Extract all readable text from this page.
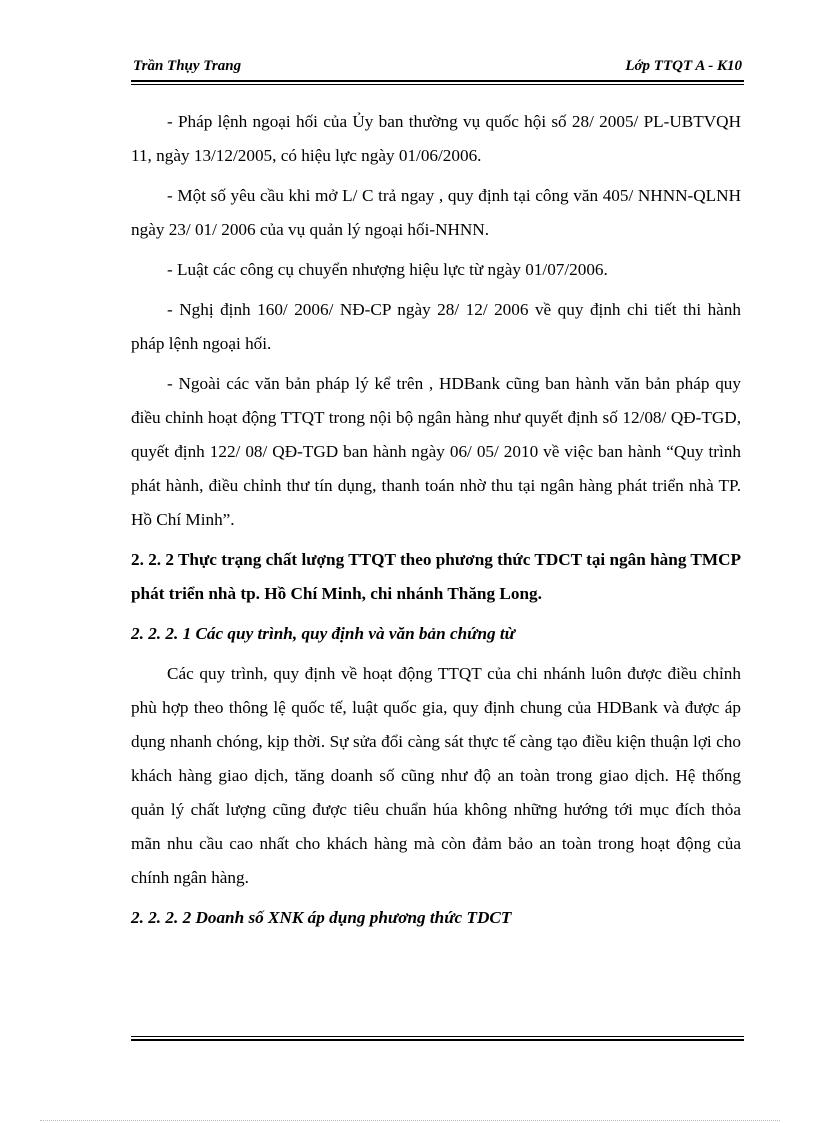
Trần Thụy Trang	Lớp TTQT A - K10

- Pháp lệnh ngoại hối của Ủy ban thường vụ quốc hội số 28/ 2005/ PL-UBTVQH 11, ngày 13/12/2005, có hiệu lực ngày 01/06/2006.

- Một số yêu cầu khi mở L/ C trả ngay , quy định tại công văn 405/ NHNN-QLNH ngày 23/ 01/ 2006 của vụ quản lý ngoại hối-NHNN.

- Luật các công cụ chuyển nhượng hiệu lực từ ngày 01/07/2006.

- Nghị định 160/ 2006/ NĐ-CP ngày 28/ 12/ 2006 về quy định chi tiết thi hành pháp lệnh ngoại hối.

- Ngoài các văn bản pháp lý kể trên , HDBank cũng ban hành văn bản pháp quy điều chỉnh hoạt động TTQT trong nội bộ ngân hàng như quyết định số 12/08/ QĐ-TGD, quyết định 122/ 08/ QĐ-TGD ban hành ngày 06/ 05/ 2010 về việc ban hành “Quy trình phát hành, điều chỉnh thư tín dụng, thanh toán nhờ thu tại ngân hàng phát triển nhà TP. Hồ Chí Minh”.

2. 2. 2 Thực trạng chất lượng TTQT theo phương thức TDCT tại ngân hàng TMCP phát triển nhà tp. Hồ Chí Minh, chi nhánh Thăng Long.

2. 2. 2. 1 Các quy trình, quy định và văn bản chứng từ

Các quy trình, quy định về hoạt động TTQT của chi nhánh luôn được điều chỉnh phù hợp theo thông lệ quốc tế, luật quốc gia, quy định chung của HDBank và được áp dụng nhanh chóng, kịp thời. Sự sửa đổi càng sát thực tế càng tạo điều kiện thuận lợi cho khách hàng giao dịch, tăng doanh số cũng như độ an toàn trong giao dịch. Hệ thống quản lý chất lượng cũng được tiêu chuẩn húa không những hướng tới mục đích thỏa mãn nhu cầu cao nhất cho khách hàng mà còn đảm bảo an toàn trong hoạt động của chính ngân hàng.

2. 2. 2. 2 Doanh số XNK áp dụng phương thức TDCT
